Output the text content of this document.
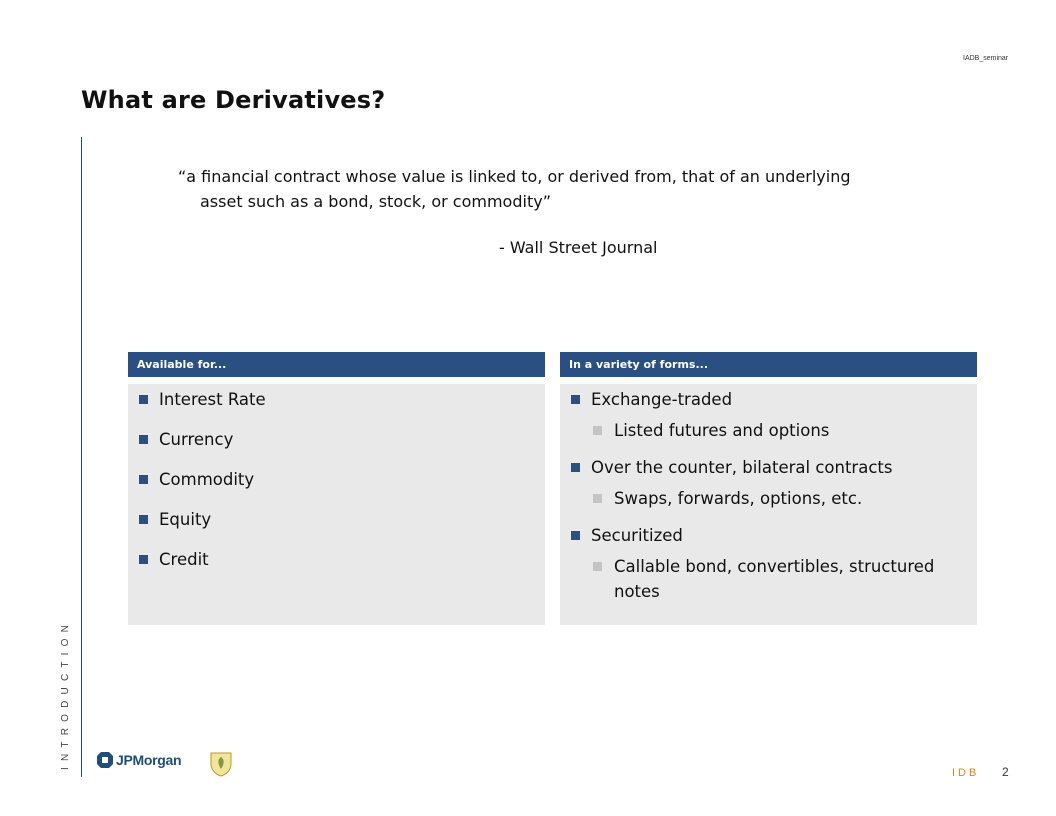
IADB_seminar
What are Derivatives?
INTRODUCTION
“a financial contract whose value is linked to, or derived from, that of an underlying
asset such as a bond, stock, or commodity”
- Wall Street Journal
Available for...
Interest Rate
Currency
Commodity
Equity
Credit
In a variety of forms...
Exchange-traded
Listed futures and options
Over the counter, bilateral contracts
Swaps, forwards, options, etc.
Securitized
Callable bond, convertibles, structured notes
JPMorgan
IDB 2
